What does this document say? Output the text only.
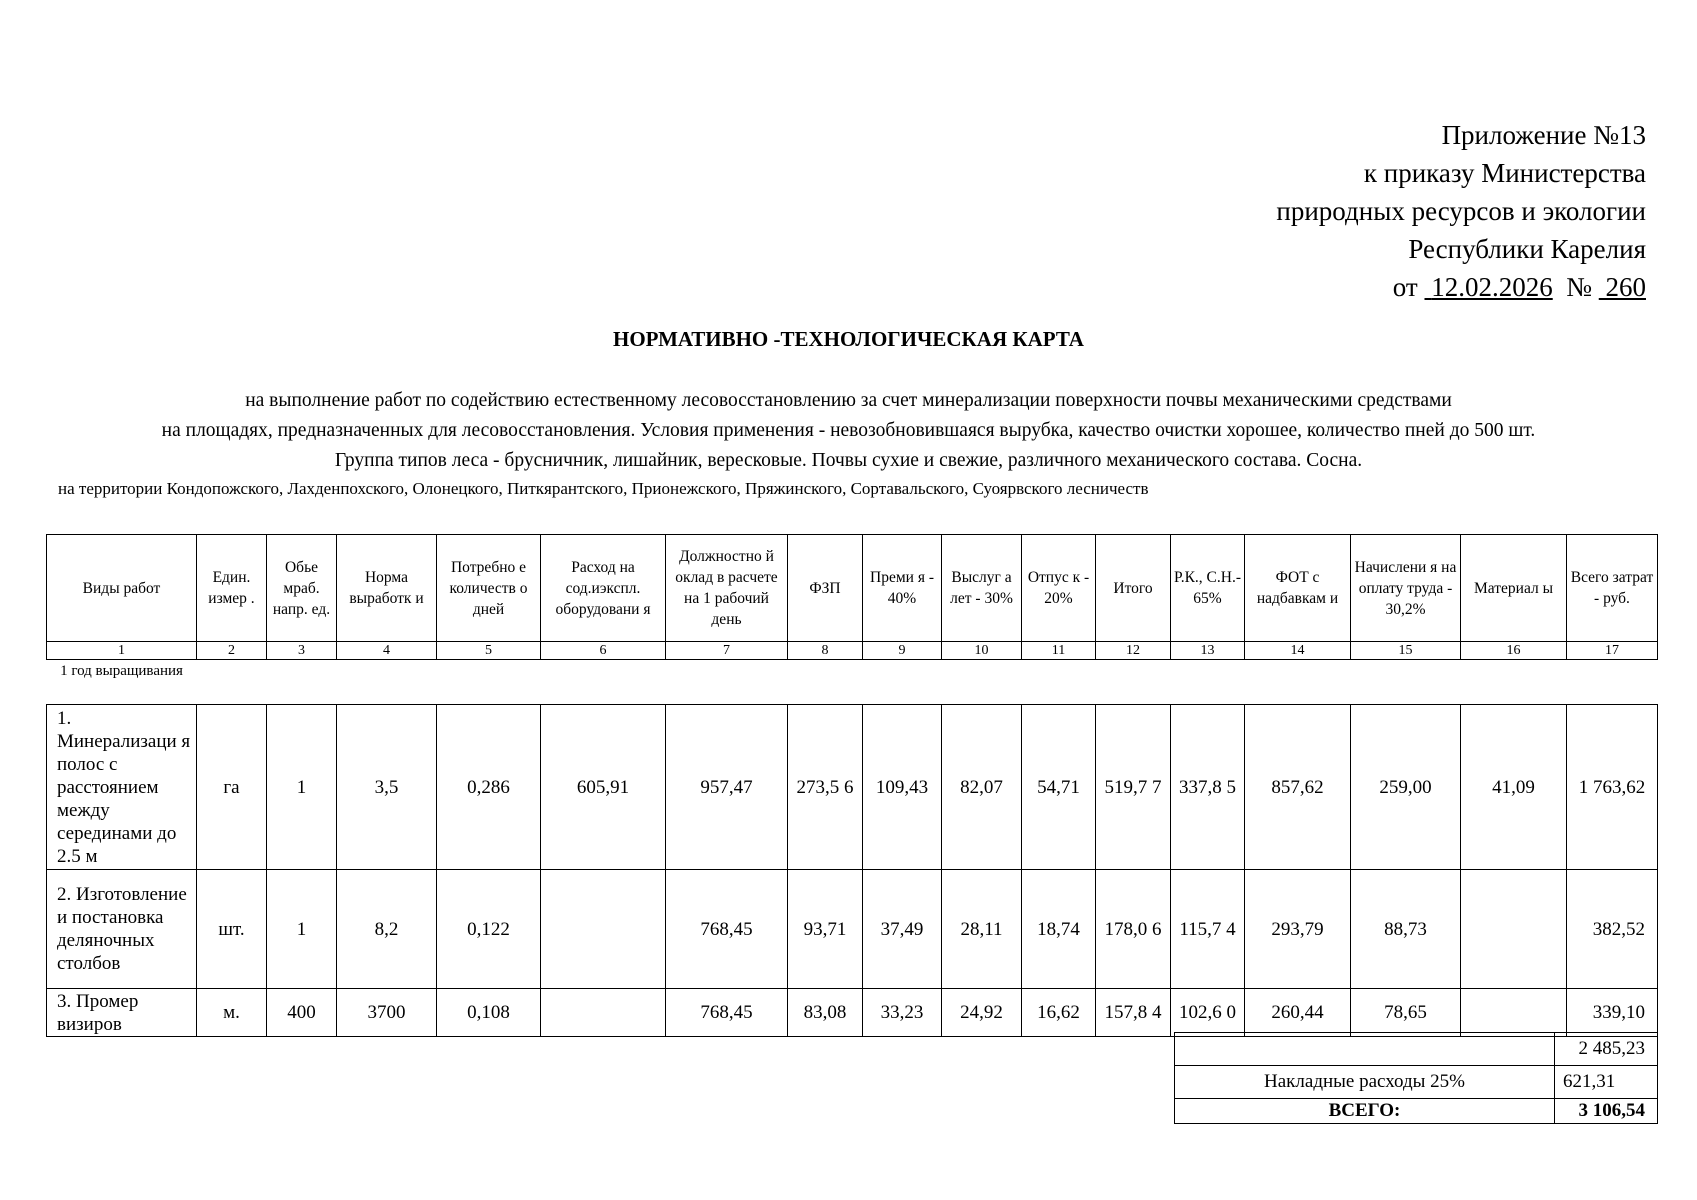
Приложение №13
к приказу Министерства
природных ресурсов и экологии
Республики Карелия
от 12.02.2026 № 260
НОРМАТИВНО -ТЕХНОЛОГИЧЕСКАЯ КАРТА
на выполнение работ по содействию естественному лесовосстановлению за счет минерализации поверхности почвы механическими средствами
на площадях, предназначенных для лесовосстановления. Условия применения - невозобновившаяся вырубка, качество очистки хорошее, количество пней до 500 шт.
Группа типов леса - брусничник, лишайник, вересковые. Почвы сухие и свежие, различного механического состава. Сосна.
на территории Кондопожского, Лахденпохского, Олонецкого, Питкярантского, Прионежского, Пряжинского, Сортавальского, Суоярвского лесничеств
Виды работ	Един. измер .	Обье мраб. напр. ед.	Норма выработк и	Потребно е количеств о дней	Расход на сод.иэкспл. оборудовани я	Должностно й оклад в расчете на 1 рабочий день	ФЗП	Преми я - 40%	Выслуг а лет - 30%	Отпус к - 20%	Итого	Р.К., С.Н.- 65%	ФОТ с надбавкам и	Начислени я на оплату труда - 30,2%	Материал ы	Всего затрат - руб.
1	2	3	4	5	6	7	8	9	10	11	12	13	14	15	16	17
1 год выращивания																
1. Минерализаци я полос с расстоянием между серединами до 2.5 м	га	1	3,5	0,286	605,91	957,47	273,5 6	109,43	82,07	54,71	519,7 7	337,8 5	857,62	259,00	41,09	1 763,62
2. Изготовление и постановка деляночных столбов	шт.	1	8,2	0,122		768,45	93,71	37,49	28,11	18,74	178,0 6	115,7 4	293,79	88,73		382,52
3. Промер визиров	м.	400	3700	0,108		768,45	83,08	33,23	24,92	16,62	157,8 4	102,6 0	260,44	78,65		339,10
	2 485,23
Накладные расходы 25%	621,31
ВСЕГО:	3 106,54
